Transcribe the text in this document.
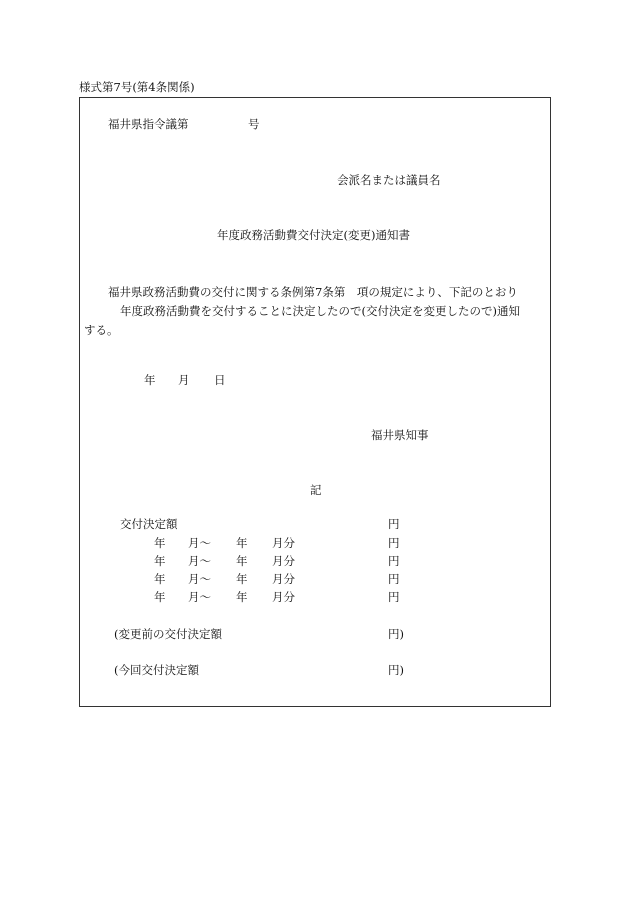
様式第7号(第4条関係)
福井県指令議第	号
会派名または議員名
年度政務活動費交付決定(変更)通知書

福井県政務活動費の交付に関する条例第7条第　項の規定により、下記のとおり

年度政務活動費を交付することに決定したので(交付決定を変更したので)通知

する。

年 月 日
福井県知事
記
交付決定額	円
年 月〜 年 月分	円
年 月〜 年 月分	円
年 月〜 年 月分	円
年 月〜 年 月分	円
(変更前の交付決定額	円)
(今回交付決定額	円)
